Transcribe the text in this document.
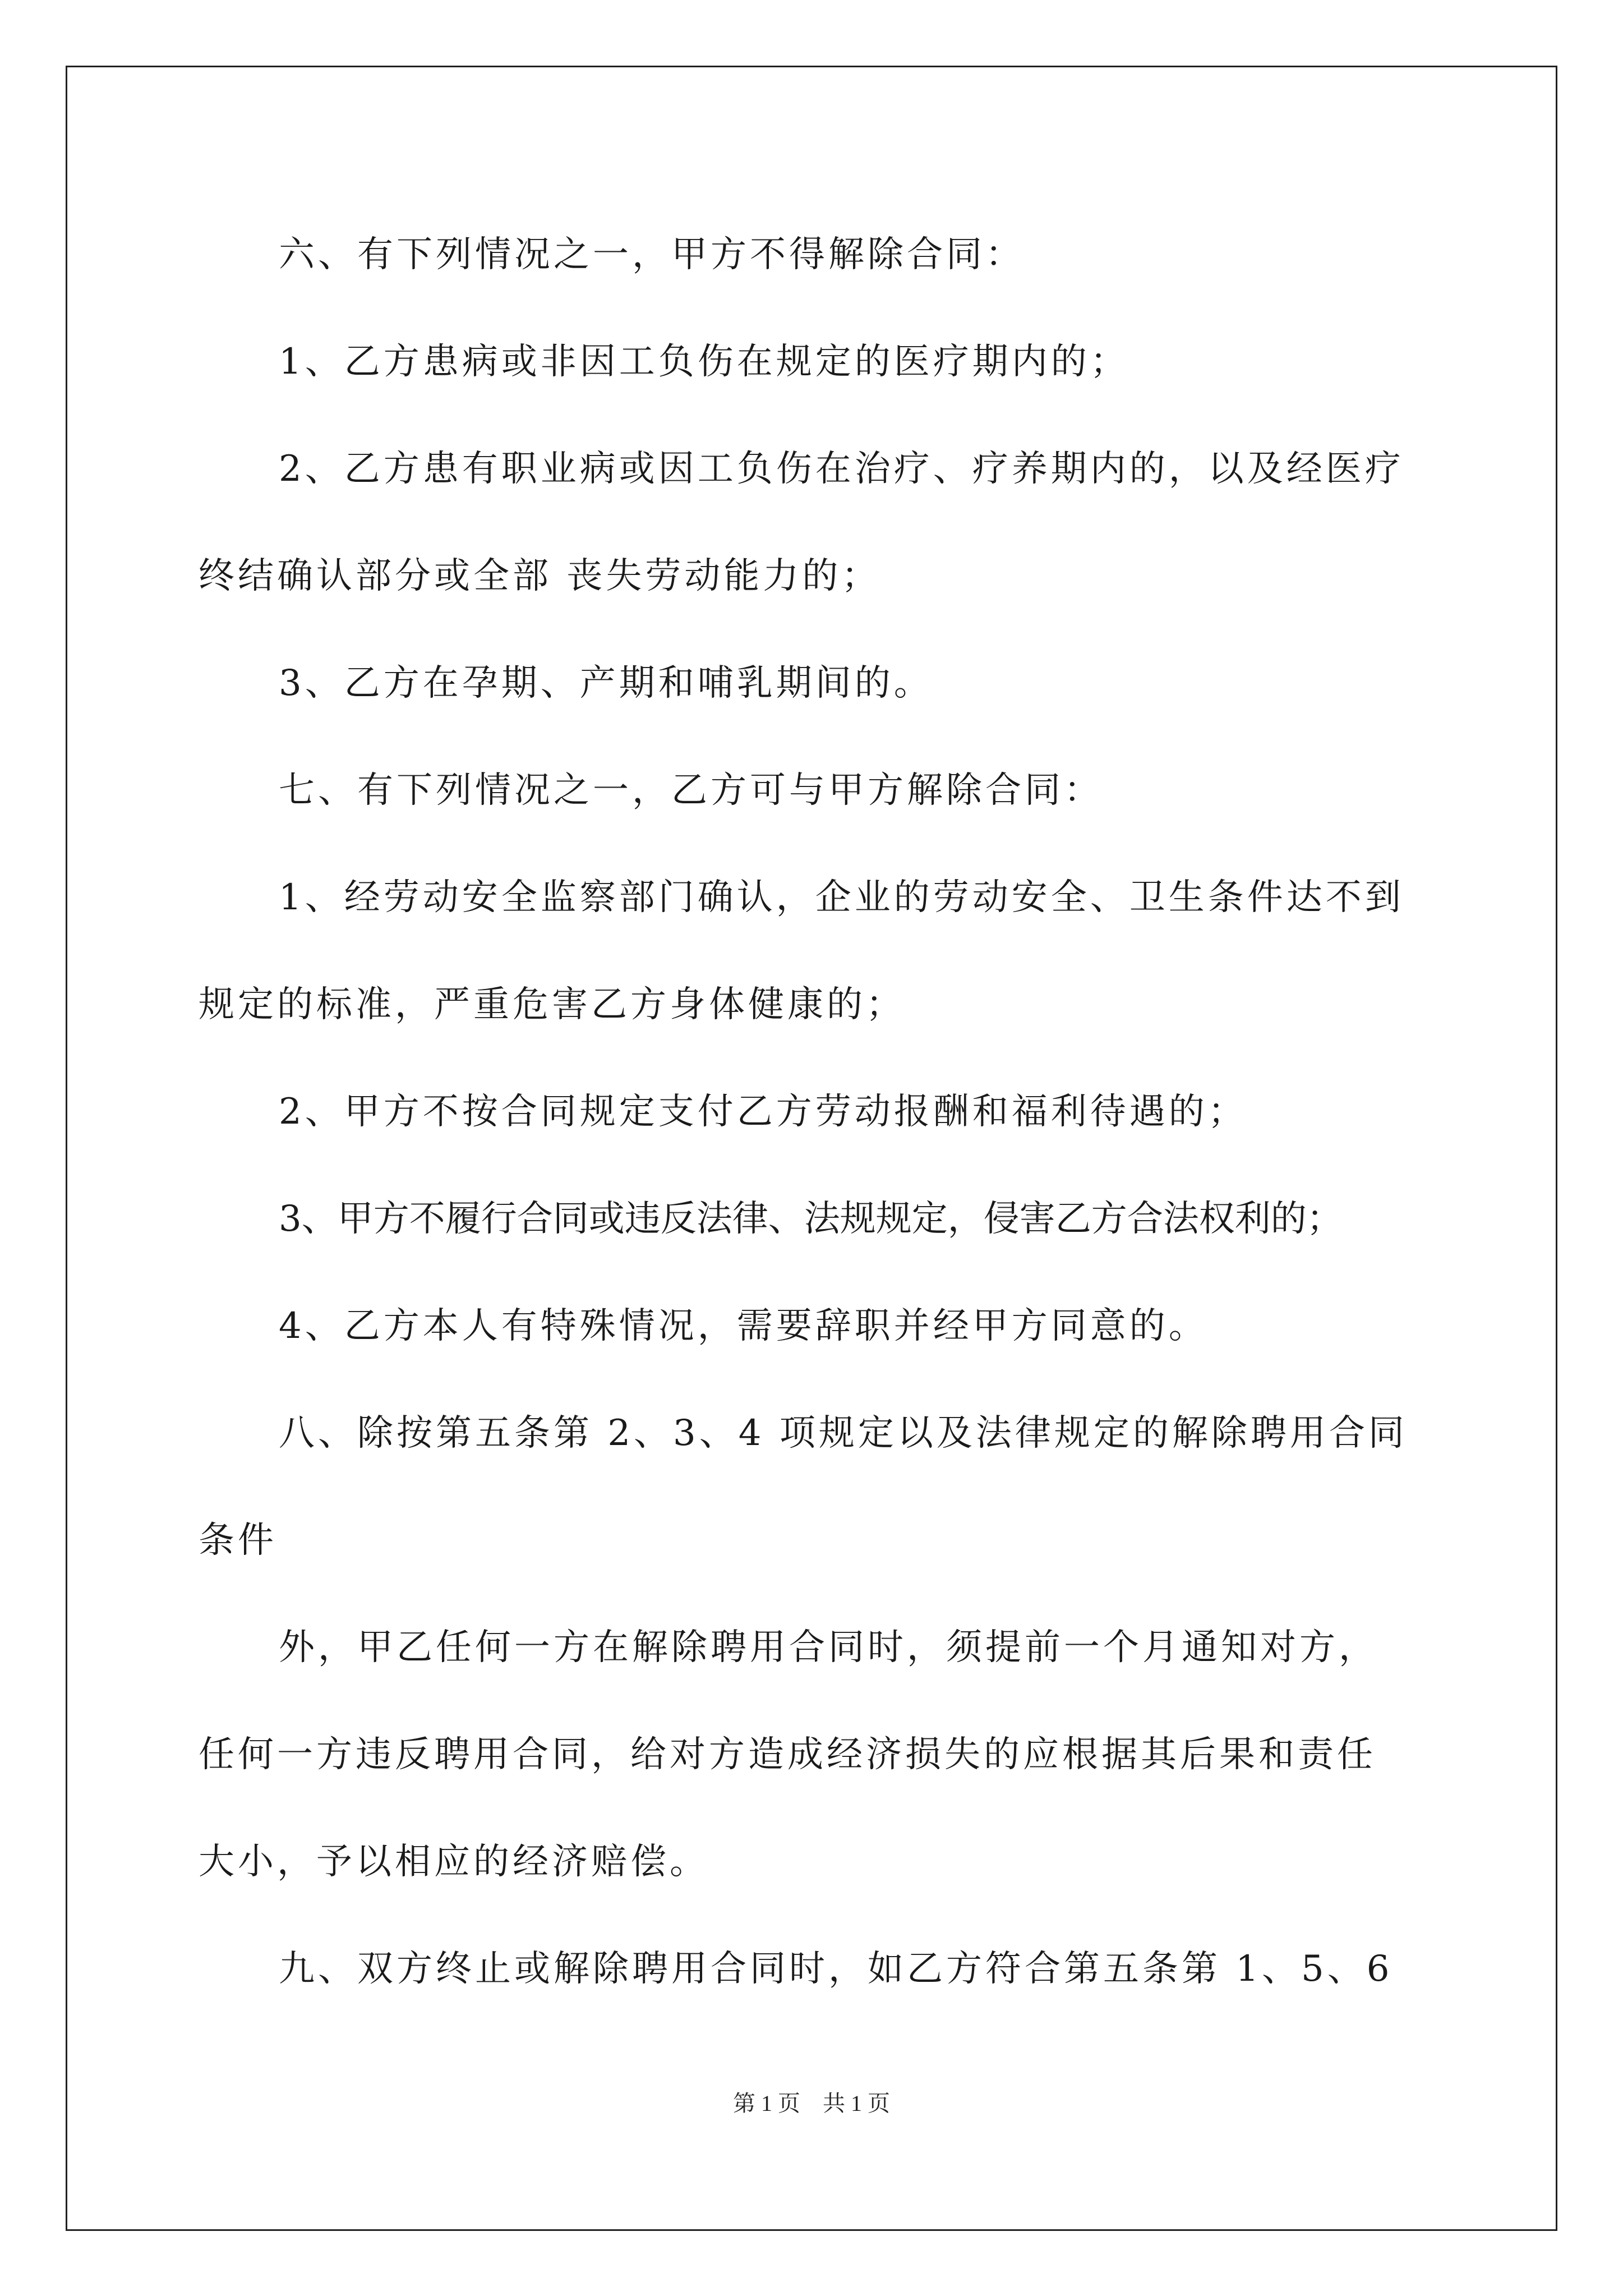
六、有下列情况之一，甲方不得解除合同：
1、乙方患病或非因工负伤在规定的医疗期内的；
2、乙方患有职业病或因工负伤在治疗、疗养期内的，以及经医疗
终结确认部分或全部 丧失劳动能力的；
3、乙方在孕期、产期和哺乳期间的。
七、有下列情况之一，乙方可与甲方解除合同：
1、经劳动安全监察部门确认，企业的劳动安全、卫生条件达不到
规定的标准，严重危害乙方身体健康的；
2、甲方不按合同规定支付乙方劳动报酬和福利待遇的；
3、甲方不履行合同或违反法律、法规规定，侵害乙方合法权利的；
4、乙方本人有特殊情况，需要辞职并经甲方同意的。
八、除按第五条第 2、3、4 项规定以及法律规定的解除聘用合同
条件
外，甲乙任何一方在解除聘用合同时，须提前一个月通知对方，
任何一方违反聘用合同，给对方造成经济损失的应根据其后果和责任
大小，予以相应的经济赔偿。
九、双方终止或解除聘用合同时，如乙方符合第五条第 1、5、6
第 1 页　共 1 页
